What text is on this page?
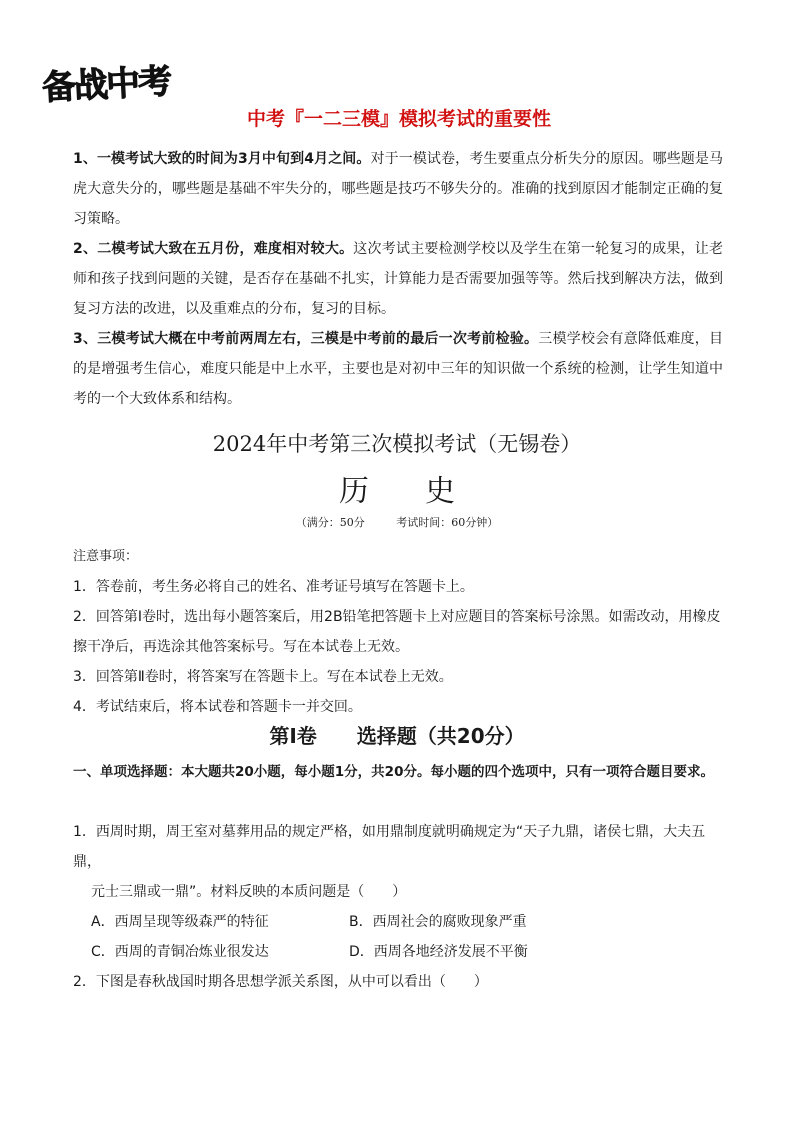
备战中考
中考『一二三模』模拟考试的重要性

1、一模考试大致的时间为3月中旬到4月之间。对于一模试卷，考生要重点分析失分的原因。哪些题是马虎大意失分的，哪些题是基础不牢失分的，哪些题是技巧不够失分的。准确的找到原因才能制定正确的复习策略。

2、二模考试大致在五月份，难度相对较大。这次考试主要检测学校以及学生在第一轮复习的成果，让老师和孩子找到问题的关键，是否存在基础不扎实，计算能力是否需要加强等等。然后找到解决方法，做到复习方法的改进，以及重难点的分布，复习的目标。

3、三模考试大概在中考前两周左右，三模是中考前的最后一次考前检验。三模学校会有意降低难度，目的是增强考生信心，难度只能是中上水平，主要也是对初中三年的知识做一个系统的检测，让学生知道中考的一个大致体系和结构。

2024年中考第三次模拟考试（无锡卷）
历史
（满分：50分	考试时间：60分钟）

注意事项：

1．答卷前，考生务必将自己的姓名、准考证号填写在答题卡上。

2．回答第Ⅰ卷时，选出每小题答案后，用2B铅笔把答题卡上对应题目的答案标号涂黑。如需改动，用橡皮擦干净后，再选涂其他答案标号。写在本试卷上无效。

3．回答第Ⅱ卷时，将答案写在答题卡上。写在本试卷上无效。

4．考试结束后，将本试卷和答题卡一并交回。

第I卷 选择题（共20分）
一、单项选择题：本大题共20小题，每小题1分，共20分。每小题的四个选项中，只有一项符合题目要求。

1．西周时期，周王室对墓葬用品的规定严格，如用鼎制度就明确规定为“天子九鼎，诸侯七鼎，大夫五鼎，

元士三鼎或一鼎”。材料反映的本质问题是（　　）

A．西周呈现等级森严的特征	B．西周社会的腐败现象严重
C．西周的青铜冶炼业很发达	D．西周各地经济发展不平衡

2．下图是春秋战国时期各思想学派关系图，从中可以看出（　　）
